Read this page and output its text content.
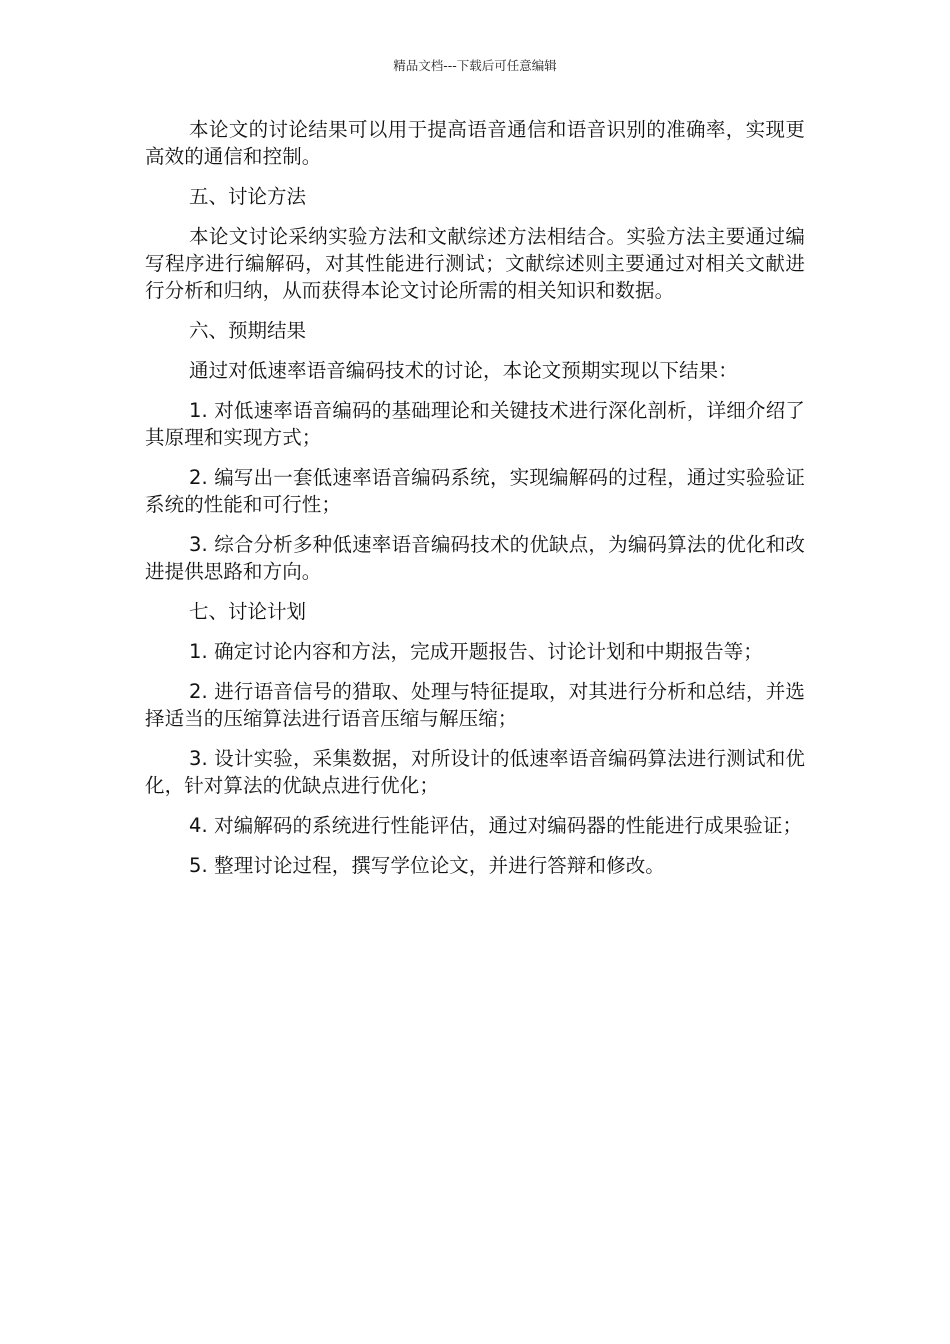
精品文档---下载后可任意编辑

本论文的讨论结果可以用于提高语音通信和语音识别的准确率，实现更高效的通信和控制。

五、讨论方法

本论文讨论采纳实验方法和文献综述方法相结合。实验方法主要通过编写程序进行编解码，对其性能进行测试；文献综述则主要通过对相关文献进行分析和归纳，从而获得本论文讨论所需的相关知识和数据。

六、预期结果

通过对低速率语音编码技术的讨论，本论文预期实现以下结果：

1. 对低速率语音编码的基础理论和关键技术进行深化剖析，详细介绍了其原理和实现方式；

2. 编写出一套低速率语音编码系统，实现编解码的过程，通过实验验证系统的性能和可行性；

3. 综合分析多种低速率语音编码技术的优缺点，为编码算法的优化和改进提供思路和方向。

七、讨论计划

1. 确定讨论内容和方法，完成开题报告、讨论计划和中期报告等；

2. 进行语音信号的猎取、处理与特征提取，对其进行分析和总结，并选择适当的压缩算法进行语音压缩与解压缩；

3. 设计实验，采集数据，对所设计的低速率语音编码算法进行测试和优化，针对算法的优缺点进行优化；

4. 对编解码的系统进行性能评估，通过对编码器的性能进行成果验证；

5. 整理讨论过程，撰写学位论文，并进行答辩和修改。
